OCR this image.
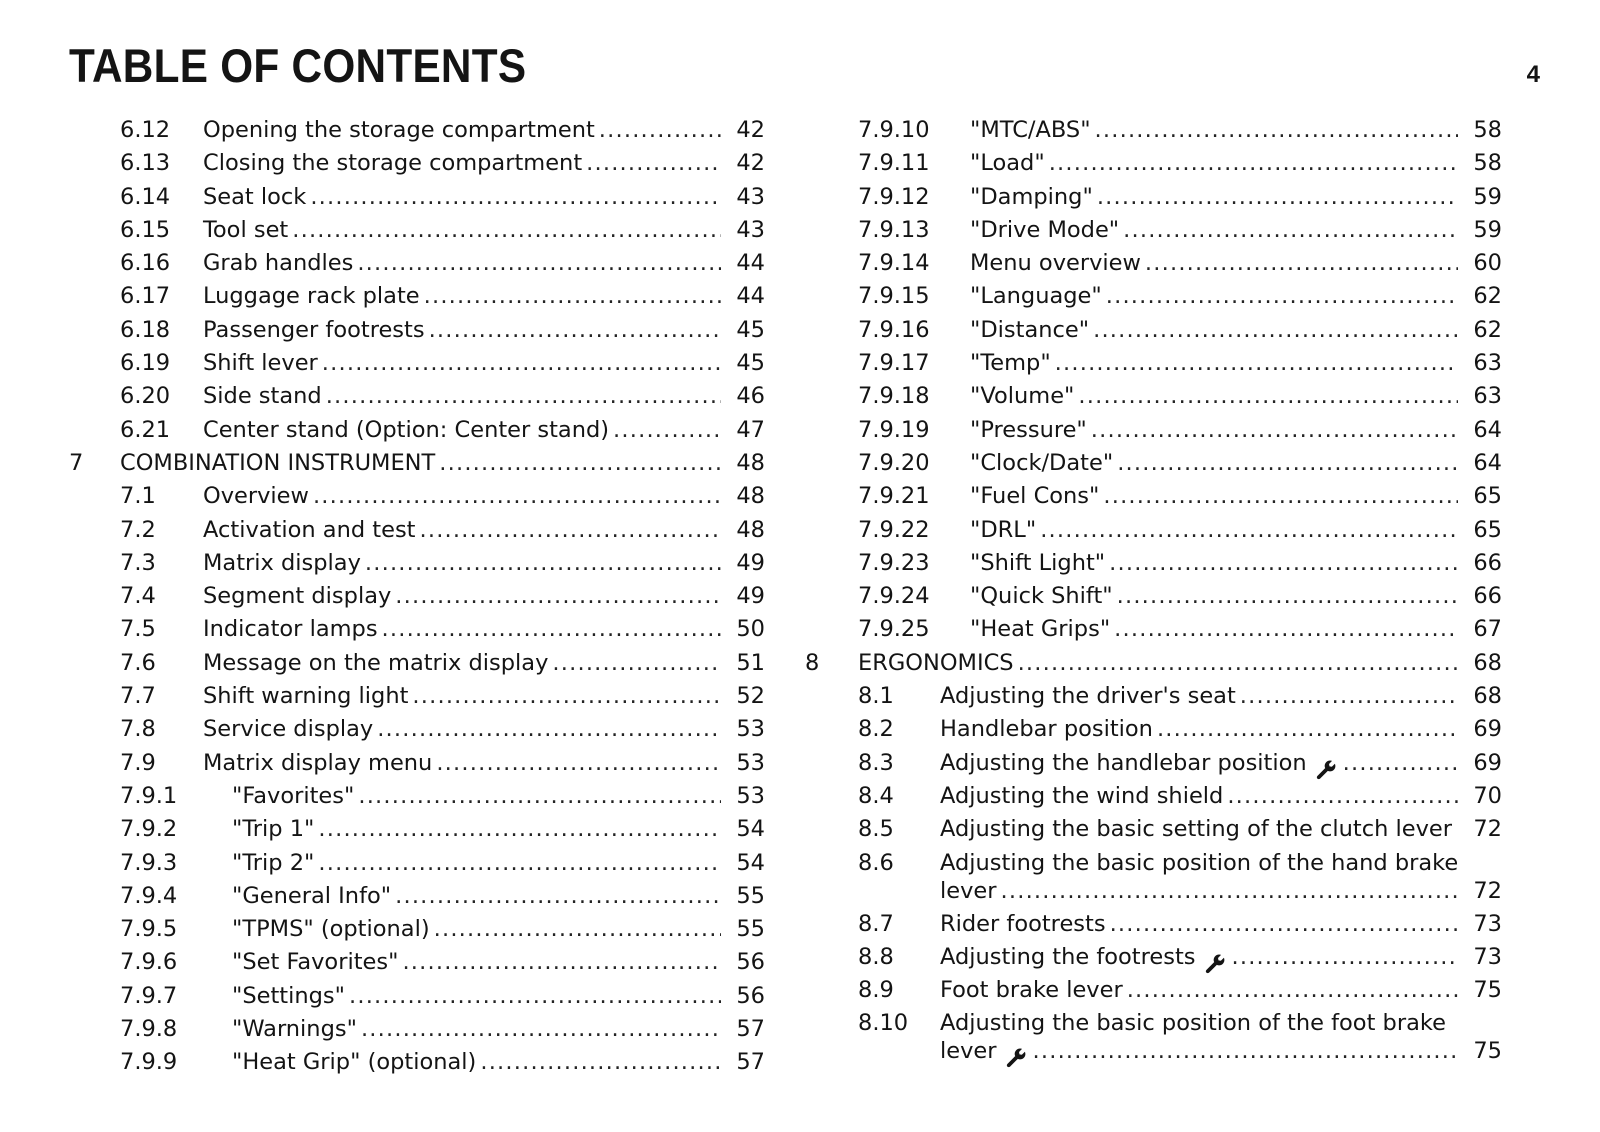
TABLE OF CONTENTS	4
6.12 Opening the storage compartment .....	42
6.13 Closing the storage compartment .....	42
6.14 Seat lock .....	43
6.15 Tool set .....	43
6.16 Grab handles .....	44
6.17 Luggage rack plate .....	44
6.18 Passenger footrests .....	45
6.19 Shift lever .....	45
6.20 Side stand .....	46
6.21 Center stand (Option: Center stand) .....	47
7 COMBINATION INSTRUMENT .....	48
7.1 Overview .....	48
7.2 Activation and test .....	48
7.3 Matrix display .....	49
7.4 Segment display .....	49
7.5 Indicator lamps .....	50
7.6 Message on the matrix display .....	51
7.7 Shift warning light .....	52
7.8 Service display .....	53
7.9 Matrix display menu .....	53
7.9.1 "Favorites" .....	53
7.9.2 "Trip 1" .....	54
7.9.3 "Trip 2" .....	54
7.9.4 "General Info" .....	55
7.9.5 "TPMS" (optional) .....	55
7.9.6 "Set Favorites" .....	56
7.9.7 "Settings" .....	56
7.9.8 "Warnings" .....	57
7.9.9 "Heat Grip" (optional) .....	57
7.9.10 "MTC/ABS" .....	58
7.9.11 "Load" .....	58
7.9.12 "Damping" .....	59
7.9.13 "Drive Mode" .....	59
7.9.14 Menu overview .....	60
7.9.15 "Language" .....	62
7.9.16 "Distance" .....	62
7.9.17 "Temp" .....	63
7.9.18 "Volume" .....	63
7.9.19 "Pressure" .....	64
7.9.20 "Clock/Date" .....	64
7.9.21 "Fuel Cons" .....	65
7.9.22 "DRL" .....	65
7.9.23 "Shift Light" .....	66
7.9.24 "Quick Shift" .....	66
7.9.25 "Heat Grips" .....	67
8 ERGONOMICS .....	68
8.1 Adjusting the driver's seat .....	68
8.2 Handlebar position .....	69
8.3 Adjusting the handlebar position .....	69
8.4 Adjusting the wind shield .....	70
8.5 Adjusting the basic setting of the clutch lever ..... 72
8.6 Adjusting the basic position of the hand brake
lever .....	72
8.7 Rider footrests .....	73
8.8 Adjusting the footrests .....	73
8.9 Foot brake lever .....	75
8.10 Adjusting the basic position of the foot brake
lever .....	75
